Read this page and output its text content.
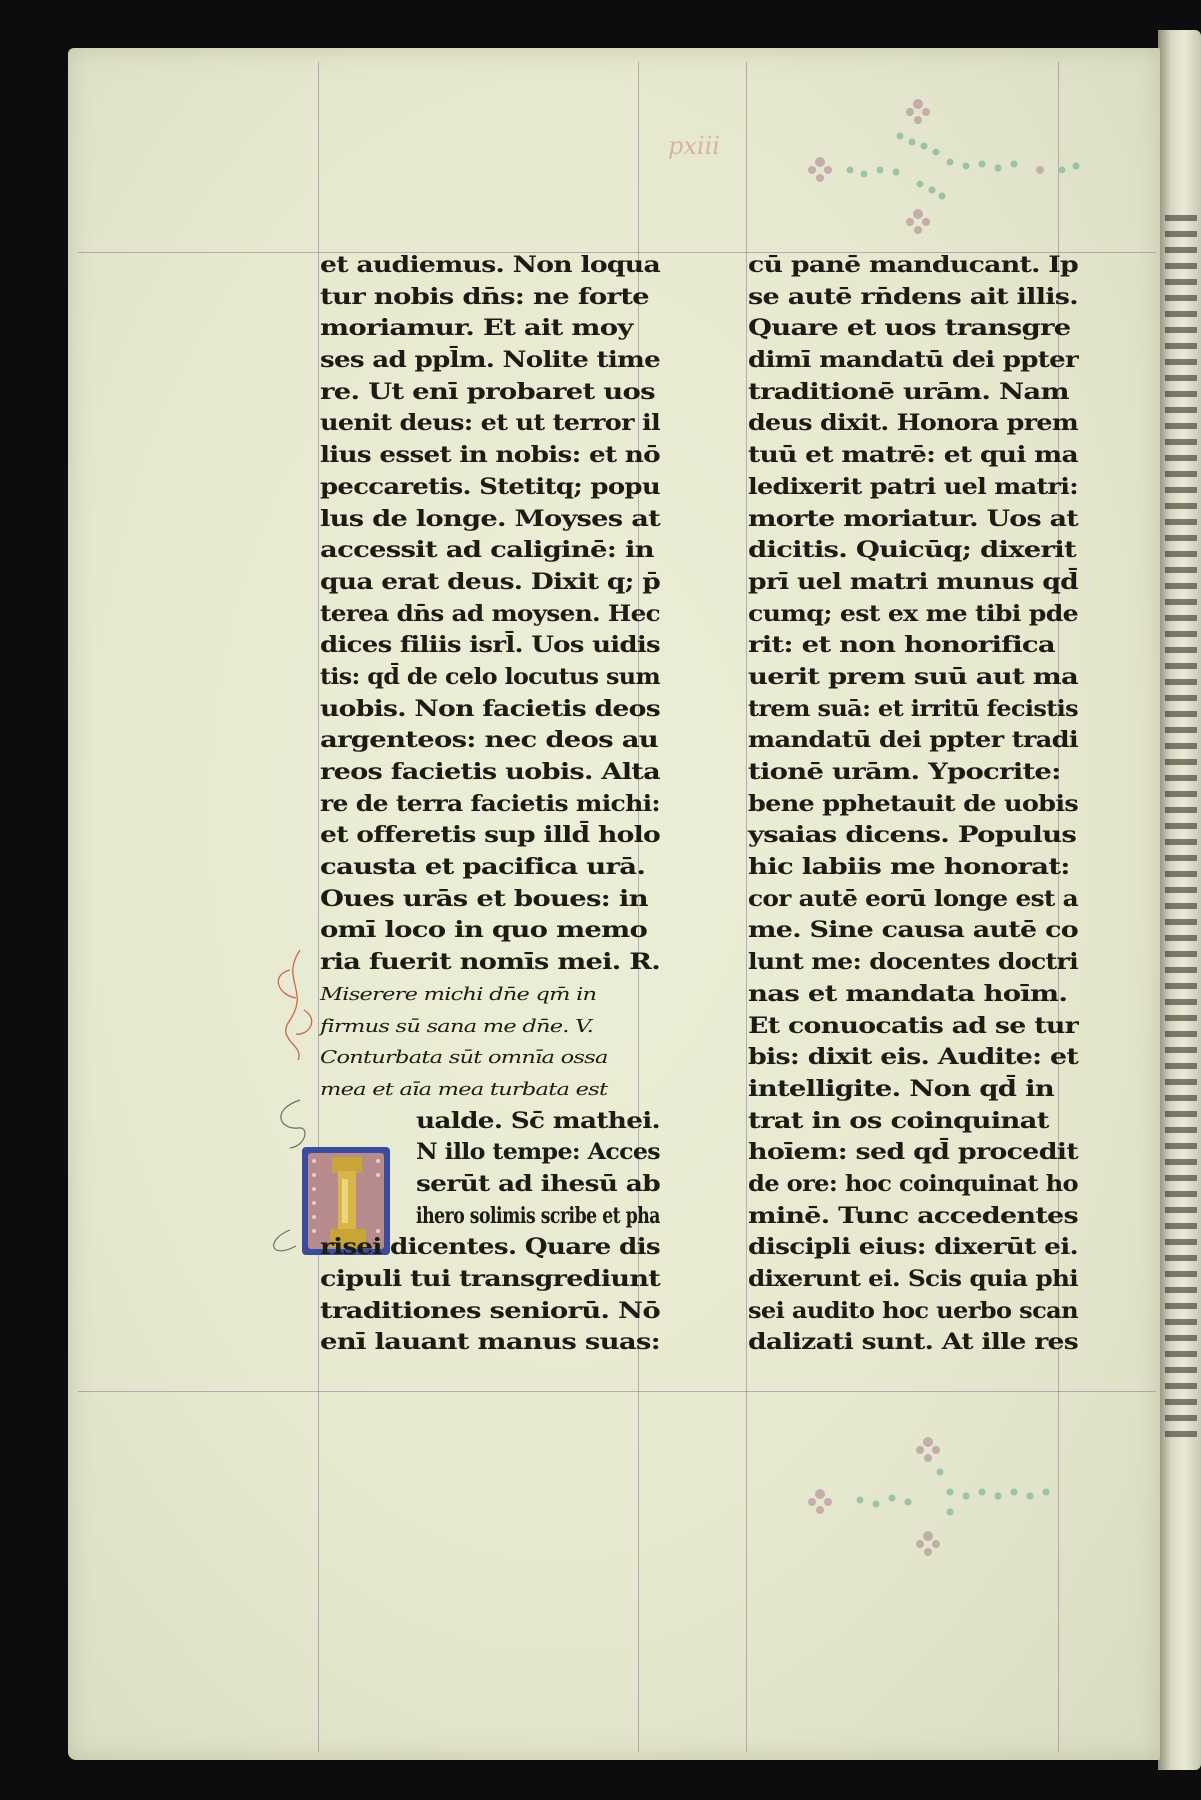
pxiii
et audiemus. Non loqua
tur nobis dn̄s: ne forte
moriamur. Et ait moy
ses ad ppl̄m. Nolite time
re. Ut enī probaret uos
uenit deus: et ut terror il
lius esset in nobis: et nō
peccaretis. Stetitq; popu
lus de longe. Moyses at
accessit ad caliginē: in
qua erat deus. Dixit q; p̄
terea dn̄s ad moysen. Hec
dices filiis isrl̄. Uos uidis
tis: qd̄ de celo locutus sum
uobis. Non facietis deos
argenteos: nec deos au
reos facietis uobis. Alta
re de terra facietis michi:
et offeretis sup illd̄ holo
causta et pacifica urā.
Oues urās et boues: in
omī loco in quo memo
ria fuerit nomīs mei. R.
Miserere michi dn̄e qm̄ in
firmus sū sana me dn̄e. V.
Conturbata sūt omnīa ossa
mea et aīa mea turbata est
ualde. Sc̄ mathei.
N illo tempe: Acces
serūt ad ihesū ab
ihero solimis scribe et pha
risei dicentes. Quare dis
cipuli tui transgrediunt
traditiones seniorū. Nō
enī lauant manus suas:
cū panē manducant. Ip
se autē rn̄dens ait illis.
Quare et uos transgre
dimī mandatū dei ppter
traditionē urām. Nam
deus dixit. Honora prem
tuū et matrē: et qui ma
ledixerit patri uel matri:
morte moriatur. Uos at
dicitis. Quicūq; dixerit
prī uel matri munus qd̄
cumq; est ex me tibi pde
rit: et non honorifica
uerit prem suū aut ma
trem suā: et irritū fecistis
mandatū dei ppter tradi
tionē urām. Ypocrite:
bene pphetauit de uobis
ysaias dicens. Populus
hic labiis me honorat:
cor autē eorū longe est a
me. Sine causa autē co
lunt me: docentes doctri
nas et mandata hoīm.
Et conuocatis ad se tur
bis: dixit eis. Audite: et
intelligite. Non qd̄ in
trat in os coinquinat
hoīem: sed qd̄ procedit
de ore: hoc coinquinat ho
minē. Tunc accedentes
discipli eius: dixerūt ei.
dixerunt ei. Scis quia phi
sei audito hoc uerbo scan
dalizati sunt. At ille res
